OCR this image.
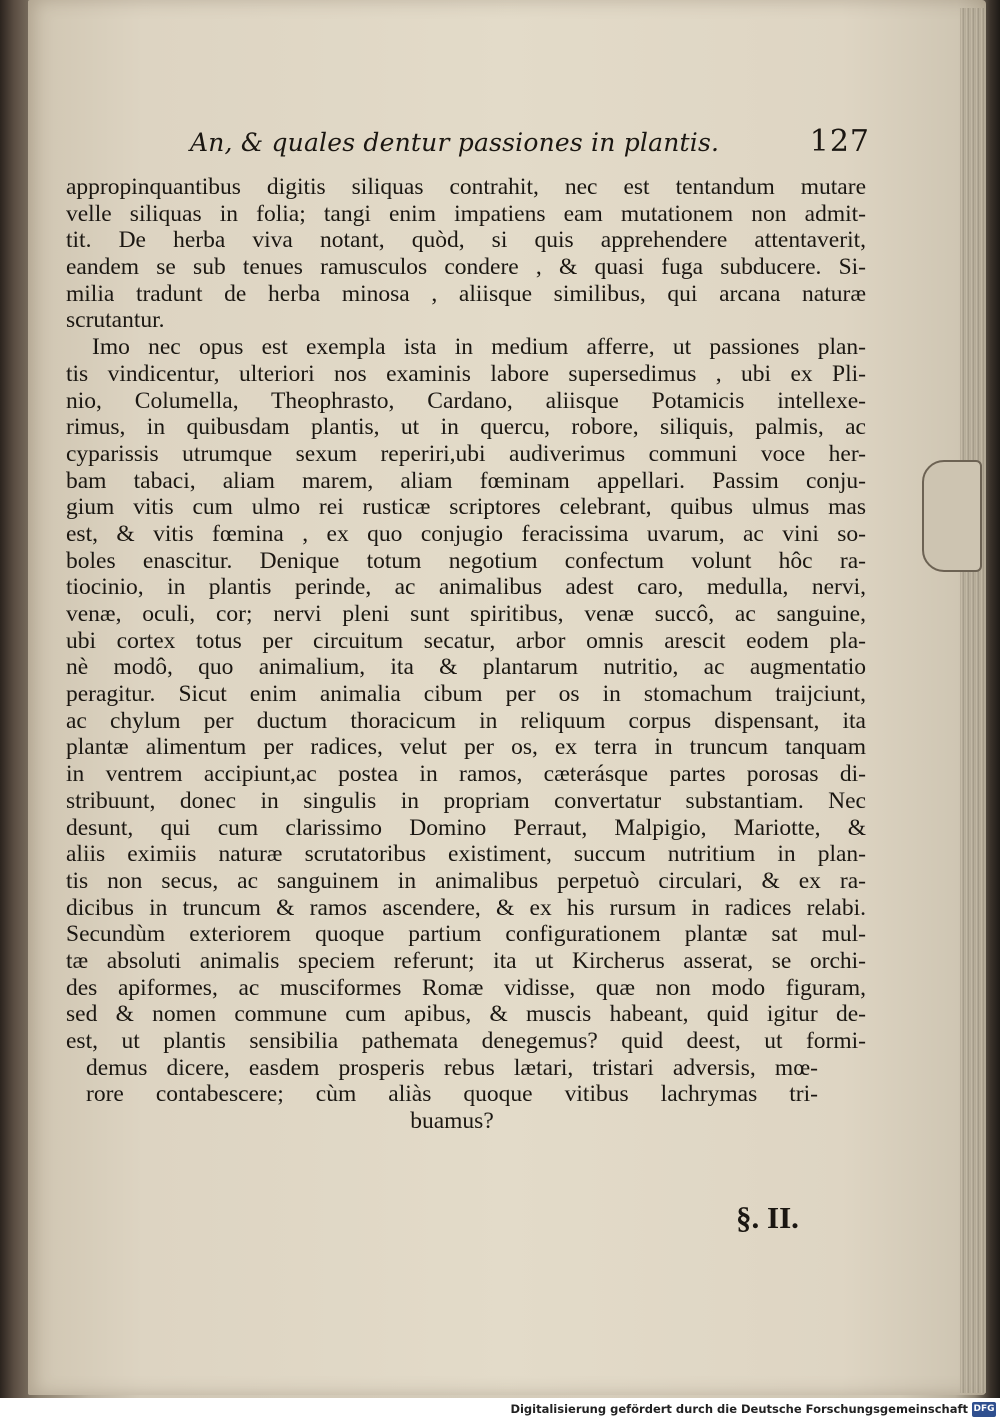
An, & quales dentur passiones in plantis.	127
appropinquantibus digitis siliquas contrahit, nec est tentandum mutare
velle siliquas in folia; tangi enim impatiens eam mutationem non admit-
tit. De herba viva notant, quòd, si quis apprehendere attentaverit,
eandem se sub tenues ramusculos condere , & quasi fuga subducere. Si-
milia tradunt de herba minosa , aliisque similibus, qui arcana naturæ
scrutantur.
Imo nec opus est exempla ista in medium afferre, ut passiones plan-
tis vindicentur, ulteriori nos examinis labore supersedimus , ubi ex Pli-
nio, Columella, Theophrasto, Cardano, aliisque Potamicis intellexe-
rimus, in quibusdam plantis, ut in quercu, robore, siliquis, palmis, ac
cyparissis utrumque sexum reperiri,ubi audiverimus communi voce her-
bam tabaci, aliam marem, aliam fœminam appellari. Passim conju-
gium vitis cum ulmo rei rusticæ scriptores celebrant, quibus ulmus mas
est, & vitis fœmina , ex quo conjugio feracissima uvarum, ac vini so-
boles enascitur. Denique totum negotium confectum volunt hôc ra-
tiocinio, in plantis perinde, ac animalibus adest caro, medulla, nervi,
venæ, oculi, cor; nervi pleni sunt spiritibus, venæ succô, ac sanguine,
ubi cortex totus per circuitum secatur, arbor omnis arescit eodem pla-
nè modô, quo animalium, ita & plantarum nutritio, ac augmentatio
peragitur. Sicut enim animalia cibum per os in stomachum traijciunt,
ac chylum per ductum thoracicum in reliquum corpus dispensant, ita
plantæ alimentum per radices, velut per os, ex terra in truncum tanquam
in ventrem accipiunt,ac postea in ramos, cæterásque partes porosas di-
stribuunt, donec in singulis in propriam convertatur substantiam. Nec
desunt, qui cum clarissimo Domino Perraut, Malpigio, Mariotte, &
aliis eximiis naturæ scrutatoribus existiment, succum nutritium in plan-
tis non secus, ac sanguinem in animalibus perpetuò circulari, & ex ra-
dicibus in truncum & ramos ascendere, & ex his rursum in radices relabi.
Secundùm exteriorem quoque partium configurationem plantæ sat mul-
tæ absoluti animalis speciem referunt; ita ut Kircherus asserat, se orchi-
des apiformes, ac musciformes Romæ vidisse, quæ non modo figuram,
sed & nomen commune cum apibus, & muscis habeant, quid igitur de-
est, ut plantis sensibilia pathemata denegemus? quid deest, ut formi-
demus dicere, easdem prosperis rebus lætari, tristari adversis, mœ-
rore contabescere; cùm aliàs quoque vitibus lachrymas tri-
buamus?
§. II.
Digitalisierung gefördert durch die Deutsche Forschungsgemeinschaft DFG
